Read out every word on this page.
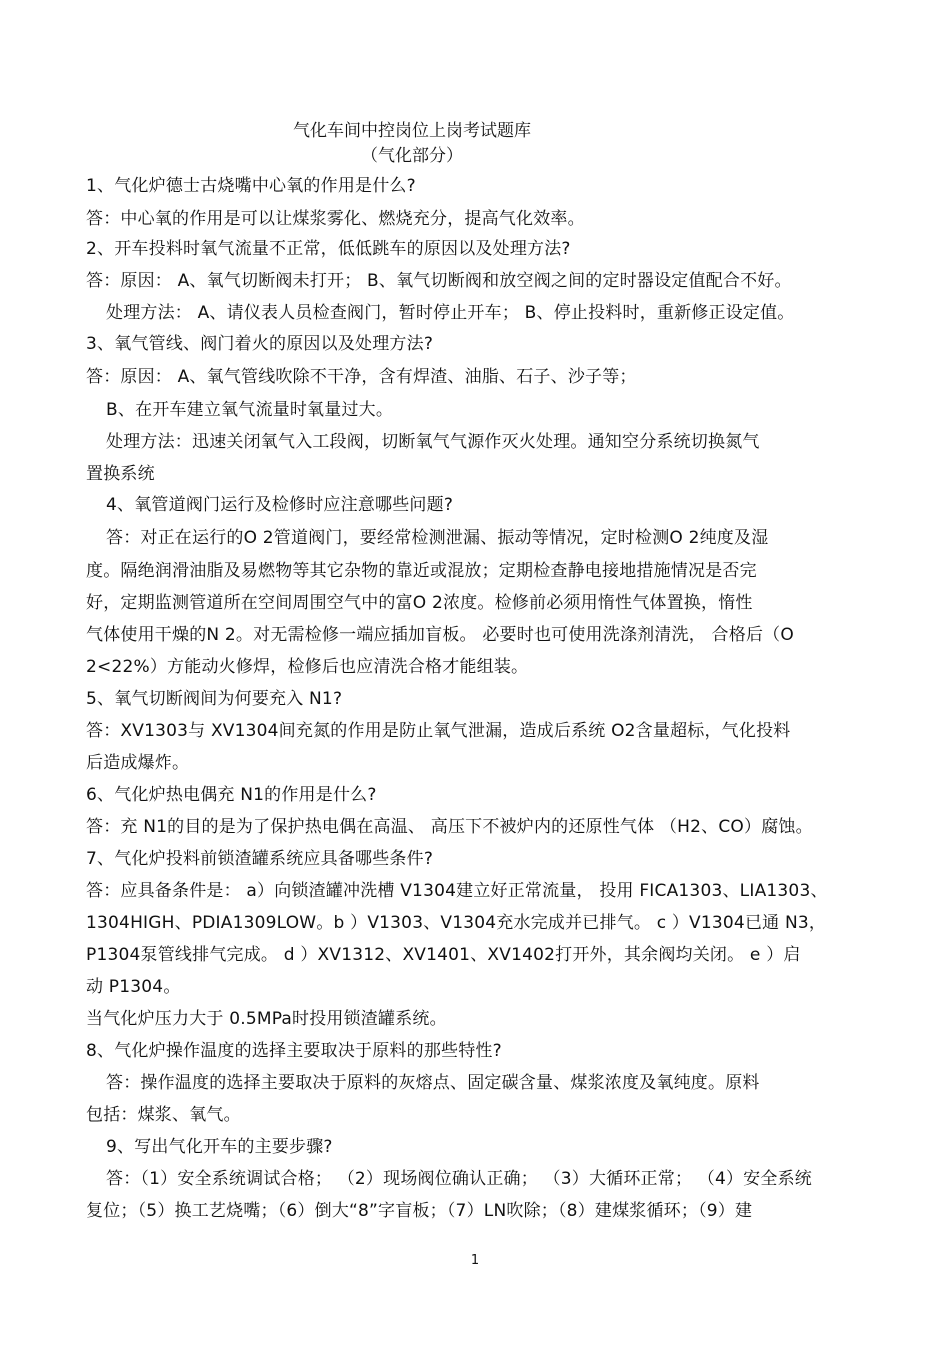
气化车间中控岗位上岗考试题库
（气化部分）
1、气化炉德士古烧嘴中心氧的作用是什么?
答：中心氧的作用是可以让煤浆雾化、燃烧充分，提高气化效率。
2、开车投料时氧气流量不正常，低低跳车的原因以及处理方法?
答：原因： A、氧气切断阀未打开； B、氧气切断阀和放空阀之间的定时器设定值配合不好。
处理方法： A、请仪表人员检查阀门，暂时停止开车； B、停止投料时，重新修正设定值。
3、氧气管线、阀门着火的原因以及处理方法?
答：原因： A、氧气管线吹除不干净，含有焊渣、油脂、石子、沙子等；
B、在开车建立氧气流量时氧量过大。
处理方法：迅速关闭氧气入工段阀，切断氧气气源作灭火处理。通知空分系统切换氮气
置换系统
4、氧管道阀门运行及检修时应注意哪些问题?
答：对正在运行的O 2管道阀门，要经常检测泄漏、振动等情况，定时检测O 2纯度及湿
度。隔绝润滑油脂及易燃物等其它杂物的靠近或混放；定期检查静电接地措施情况是否完
好，定期监测管道所在空间周围空气中的富O 2浓度。检修前必须用惰性气体置换，惰性
气体使用干燥的N 2。对无需检修一端应插加盲板。 必要时也可使用洗涤剂清洗， 合格后（O
2<22%）方能动火修焊，检修后也应清洗合格才能组装。
5、氧气切断阀间为何要充入 N1?
答：XV1303与 XV1304间充氮的作用是防止氧气泄漏，造成后系统 O2含量超标，气化投料
后造成爆炸。
6、气化炉热电偶充 N1的作用是什么?
答：充 N1的目的是为了保护热电偶在高温、 高压下不被炉内的还原性气体 （H2、CO）腐蚀。
7、气化炉投料前锁渣罐系统应具备哪些条件?
答：应具备条件是： a）向锁渣罐冲洗槽 V1304建立好正常流量， 投用 FICA1303、LIA1303、
1304HIGH、PDIA1309LOW。b ）V1303、V1304充水完成并已排气。 c ）V1304已通 N3，
P1304泵管线排气完成。 d ）XV1312、XV1401、XV1402打开外，其余阀均关闭。 e ）启
动 P1304。
当气化炉压力大于 0.5MPa时投用锁渣罐系统。
8、气化炉操作温度的选择主要取决于原料的那些特性?
答：操作温度的选择主要取决于原料的灰熔点、固定碳含量、煤浆浓度及氧纯度。原料
包括：煤浆、氧气。
9、写出气化开车的主要步骤?
答：（1）安全系统调试合格； （2）现场阀位确认正确； （3）大循环正常； （4）安全系统
复位；（5）换工艺烧嘴；（6）倒大“8”字盲板；（7）LN吹除；（8）建煤浆循环；（9）建
1
